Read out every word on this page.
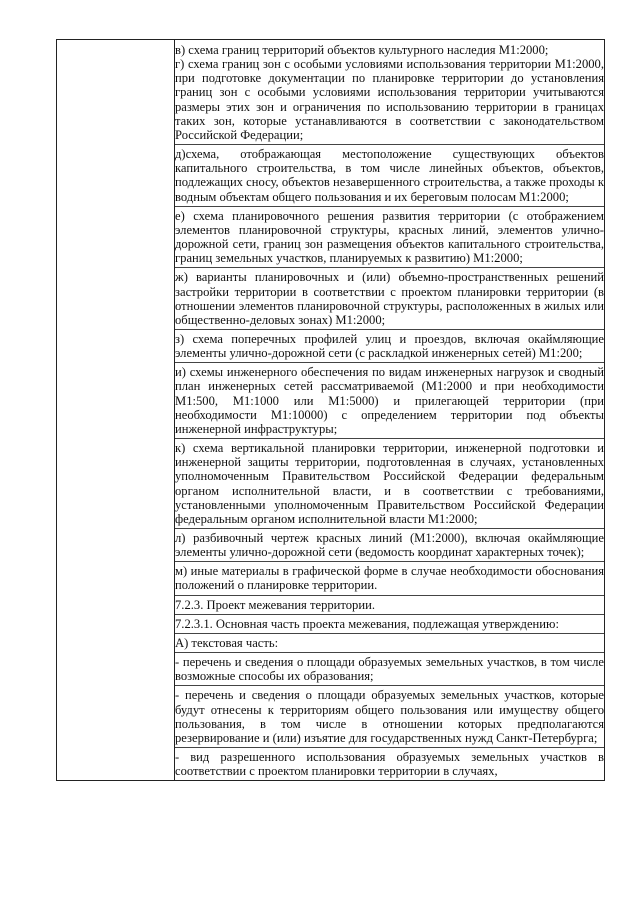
в) схема границ территорий объектов культурного наследия М1:2000;

г) схема границ зон с особыми условиями использования территории М1:2000, при подготовке документации по планировке территории до установления границ зон с особыми условиями использования территории учитываются размеры этих зон и ограничения по использованию территории в границах таких зон, которые устанавливаются в соответствии с законодательством Российской Федерации;

д)схема, отображающая местоположение существующих объектов капитального строительства, в том числе линейных объектов, объектов, подлежащих сносу, объектов незавершенного строительства, а также проходы к водным объектам общего пользования и их береговым полосам М1:2000;

е) схема планировочного решения развития территории (с отображением элементов планировочной структуры, красных линий, элементов улично-дорожной сети, границ зон размещения объектов капитального строительства, границ земельных участков, планируемых к развитию) М1:2000;

ж) варианты планировочных и (или) объемно-пространственных решений застройки территории в соответствии с проектом планировки территории (в отношении элементов планировочной структуры, расположенных в жилых или общественно-деловых зонах) М1:2000;

з) схема поперечных профилей улиц и проездов, включая окаймляющие элементы улично-дорожной сети (с раскладкой инженерных сетей) М1:200;

и) схемы инженерного обеспечения по видам инженерных нагрузок и сводный план инженерных сетей рассматриваемой (М1:2000 и при необходимости М1:500, М1:1000 или М1:5000) и прилегающей территории (при необходимости М1:10000) с определением территории под объекты инженерной инфраструктуры;

к) схема вертикальной планировки территории, инженерной подготовки и инженерной защиты территории, подготовленная в случаях, установленных уполномоченным Правительством Российской Федерации федеральным органом исполнительной власти, и в соответствии с требованиями, установленными уполномоченным Правительством Российской Федерации федеральным органом исполнительной власти М1:2000;

л) разбивочный чертеж красных линий (М1:2000), включая окаймляющие элементы улично-дорожной сети (ведомость координат характерных точек);

м) иные материалы в графической форме в случае необходимости обоснования положений о планировке территории.

7.2.3. Проект межевания территории.

7.2.3.1. Основная часть проекта межевания, подлежащая утверждению:

А) текстовая часть:

- перечень и сведения о площади образуемых земельных участков, в том числе возможные способы их образования;

- перечень и сведения о площади образуемых земельных участков, которые будут отнесены к территориям общего пользования или имуществу общего пользования, в том числе в отношении которых предполагаются резервирование и (или) изъятие для государственных нужд Санкт-Петербурга;

- вид разрешенного использования образуемых земельных участков в соответствии с проектом планировки территории в случаях,
